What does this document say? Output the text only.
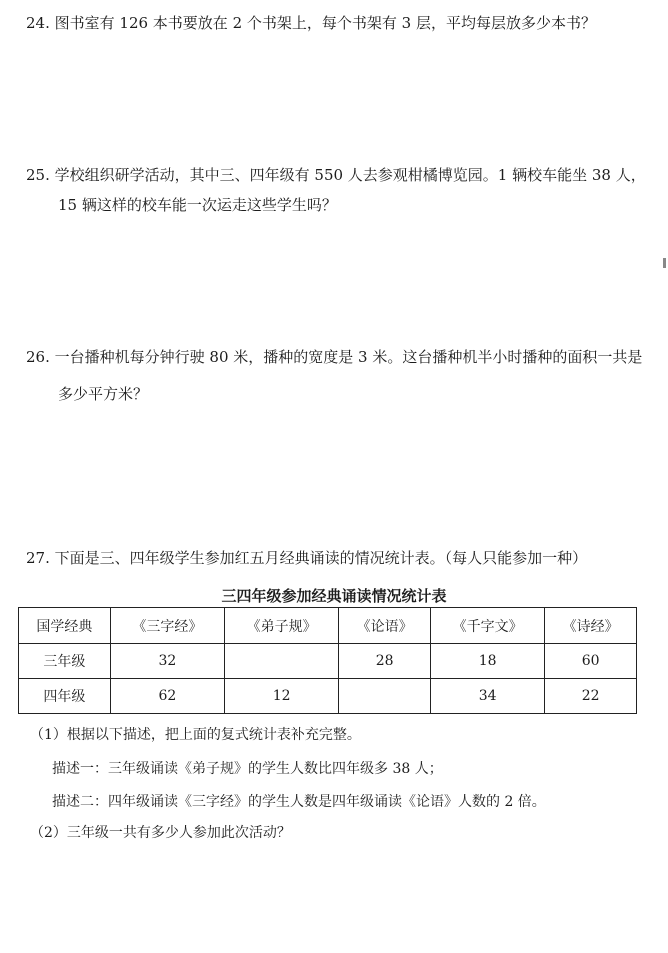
24. 图书室有 126 本书要放在 2 个书架上，每个书架有 3 层，平均每层放多少本书？
25. 学校组织研学活动，其中三、四年级有 550 人去参观柑橘博览园。1 辆校车能坐 38 人，
15 辆这样的校车能一次运走这些学生吗？
26. 一台播种机每分钟行驶 80 米，播种的宽度是 3 米。这台播种机半小时播种的面积一共是
多少平方米？
27. 下面是三、四年级学生参加红五月经典诵读的情况统计表。（每人只能参加一种）
三四年级参加经典诵读情况统计表
国学经典	《三字经》	《弟子规》	《论语》	《千字文》	《诗经》
三年级	32		28	18	60
四年级	62	12		34	22
（1）根据以下描述，把上面的复式统计表补充完整。
描述一：三年级诵读《弟子规》的学生人数比四年级多 38 人；
描述二：四年级诵读《三字经》的学生人数是四年级诵读《论语》人数的 2 倍。
（2）三年级一共有多少人参加此次活动？
